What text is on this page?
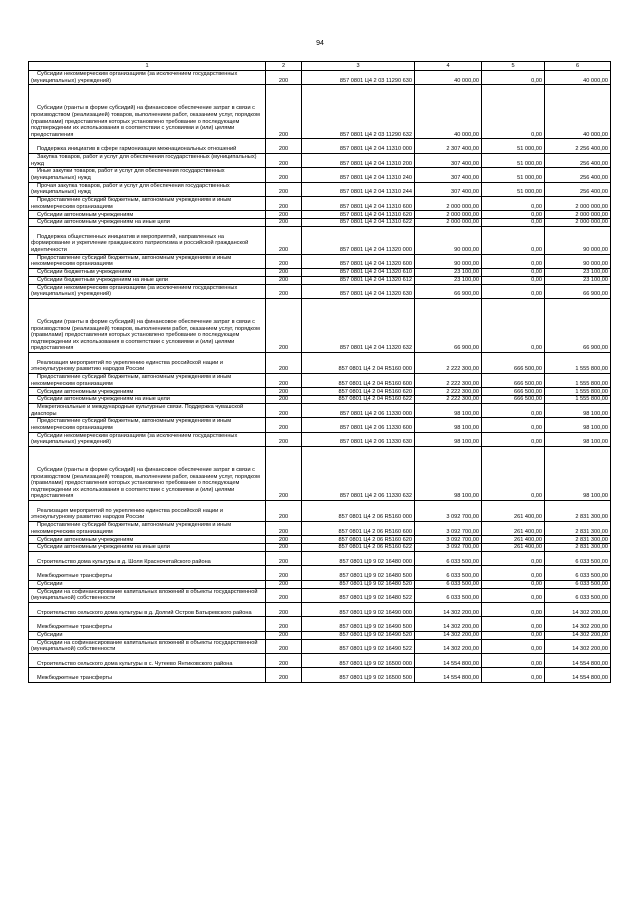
94
1	2	3	4	5	6
Субсидии некоммерческим организациям (за исключением государственных (муниципальных) учреждений)	200	857 0801 Ц4 2 03 11290 630	40 000,00	0,00	40 000,00
Субсидии (гранты в форме субсидий) на финансовое обеспечение затрат в связи с производством (реализацией) товаров, выполнением работ, оказанием услуг, порядком (правилами) предоставления которых установлено требование о последующем подтверждении их использования в соответствии с условиями и (или) целями предоставления	200	857 0801 Ц4 2 03 11290 632	40 000,00	0,00	40 000,00
Поддержка инициатив в сфере гармонизации межнациональных отношений	200	857 0801 Ц4 2 04 11310 000	2 307 400,00	51 000,00	2 256 400,00
Закупка товаров, работ и услуг для обеспечения государственных (муниципальных) нужд	200	857 0801 Ц4 2 04 11310 200	307 400,00	51 000,00	256 400,00
Иные закупки товаров, работ и услуг для обеспечения государственных (муниципальных) нужд	200	857 0801 Ц4 2 04 11310 240	307 400,00	51 000,00	256 400,00
Прочая закупка товаров, работ и услуг для обеспечения государственных (муниципальных) нужд	200	857 0801 Ц4 2 04 11310 244	307 400,00	51 000,00	256 400,00
Предоставление субсидий бюджетным, автономным учреждениям и иным некоммерческим организациям	200	857 0801 Ц4 2 04 11310 600	2 000 000,00	0,00	2 000 000,00
Субсидии автономным учреждениям	200	857 0801 Ц4 2 04 11310 620	2 000 000,00	0,00	2 000 000,00
Субсидии автономным учреждениям на иные цели	200	857 0801 Ц4 2 04 11310 622	2 000 000,00	0,00	2 000 000,00
Поддержка общественных инициатив и мероприятий, направленных на формирование и укрепление гражданского патриотизма и российской гражданской идентичности	200	857 0801 Ц4 2 04 11320 000	90 000,00	0,00	90 000,00
Предоставление субсидий бюджетным, автономным учреждениям и иным некоммерческим организациям	200	857 0801 Ц4 2 04 11320 600	90 000,00	0,00	90 000,00
Субсидии бюджетным учреждениям	200	857 0801 Ц4 2 04 11320 610	23 100,00	0,00	23 100,00
Субсидии бюджетным учреждениям на иные цели	200	857 0801 Ц4 2 04 11320 612	23 100,00	0,00	23 100,00
Субсидии некоммерческим организациям (за исключением государственных (муниципальных) учреждений)	200	857 0801 Ц4 2 04 11320 630	66 900,00	0,00	66 900,00
Субсидии (гранты в форме субсидий) на финансовое обеспечение затрат в связи с производством (реализацией) товаров, выполнением работ, оказанием услуг, порядком (правилами) предоставления которых установлено требование о последующем подтверждении их использования в соответствии с условиями и (или) целями предоставления	200	857 0801 Ц4 2 04 11320 632	66 900,00	0,00	66 900,00
Реализация мероприятий по укреплению единства российской нации и этнокультурному развитию народов России	200	857 0801 Ц4 2 04 R5160 000	2 222 300,00	666 500,00	1 555 800,00
Предоставление субсидий бюджетным, автономным учреждениям и иным некоммерческим организациям	200	857 0801 Ц4 2 04 R5160 600	2 222 300,00	666 500,00	1 555 800,00
Субсидии автономным учреждениям	200	857 0801 Ц4 2 04 R5160 620	2 222 300,00	666 500,00	1 555 800,00
Субсидии автономным учреждениям на иные цели	200	857 0801 Ц4 2 04 R5160 622	2 222 300,00	666 500,00	1 555 800,00
Межрегиональные и международные культурные связи. Поддержка чувашской диаспоры	200	857 0801 Ц4 2 06 11330 000	98 100,00	0,00	98 100,00
Предоставление субсидий бюджетным, автономным учреждениям и иным некоммерческим организациям	200	857 0801 Ц4 2 06 11330 600	98 100,00	0,00	98 100,00
Субсидии некоммерческим организациям (за исключением государственных (муниципальных) учреждений)	200	857 0801 Ц4 2 06 11330 630	98 100,00	0,00	98 100,00
Субсидии (гранты в форме субсидий) на финансовое обеспечение затрат в связи с производством (реализацией) товаров, выполнением работ, оказанием услуг, порядком (правилами) предоставления которых установлено требование о последующем подтверждении их использования в соответствии с условиями и (или) целями предоставления	200	857 0801 Ц4 2 06 11330 632	98 100,00	0,00	98 100,00
Реализация мероприятий по укреплению единства российской нации и этнокультурному развитию народов России	200	857 0801 Ц4 2 06 R5160 000	3 092 700,00	261 400,00	2 831 300,00
Предоставление субсидий бюджетным, автономным учреждениям и иным некоммерческим организациям	200	857 0801 Ц4 2 06 R5160 600	3 092 700,00	261 400,00	2 831 300,00
Субсидии автономным учреждениям	200	857 0801 Ц4 2 06 R5160 620	3 092 700,00	261 400,00	2 831 300,00
Субсидии автономным учреждениям на иные цели	200	857 0801 Ц4 2 06 R5160 622	3 092 700,00	261 400,00	2 831 300,00
Строительство дома культуры в д. Шоля Красночетайского района	200	857 0801 Ц9 9 02 16480 000	6 033 500,00	0,00	6 033 500,00
Межбюджетные трансферты	200	857 0801 Ц9 9 02 16480 500	6 033 500,00	0,00	6 033 500,00
Субсидии	200	857 0801 Ц9 9 02 16480 520	6 033 500,00	0,00	6 033 500,00
Субсидии на софинансирование капитальных вложений в объекты государственной (муниципальной) собственности	200	857 0801 Ц9 9 02 16480 522	6 033 500,00	0,00	6 033 500,00
Строительство сельского дома культуры в д. Долгий Остров Батыревского района	200	857 0801 Ц9 9 02 16490 000	14 302 200,00	0,00	14 302 200,00
Межбюджетные трансферты	200	857 0801 Ц9 9 02 16490 500	14 302 200,00	0,00	14 302 200,00
Субсидии	200	857 0801 Ц9 9 02 16490 520	14 302 200,00	0,00	14 302 200,00
Субсидии на софинансирование капитальных вложений в объекты государственной (муниципальной) собственности	200	857 0801 Ц9 9 02 16490 522	14 302 200,00	0,00	14 302 200,00
Строительство сельского дома культуры в с. Чутеево Янтиковского района	200	857 0801 Ц9 9 02 16500 000	14 554 800,00	0,00	14 554 800,00
Межбюджетные трансферты	200	857 0801 Ц9 9 02 16500 500	14 554 800,00	0,00	14 554 800,00
